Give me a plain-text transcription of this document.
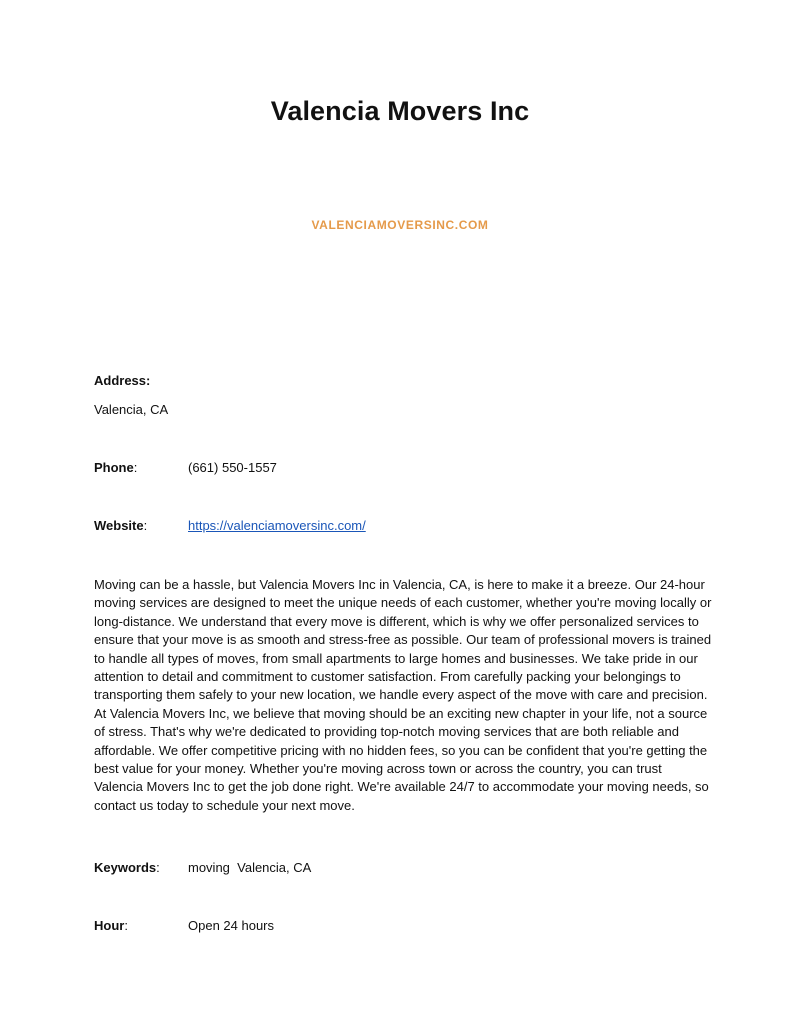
Valencia Movers Inc
VALENCIAMOVERSINC.COM
Address:
Valencia, CA
Phone:	(661) 550-1557
Website:	https://valenciamoversinc.com/
Moving can be a hassle, but Valencia Movers Inc in Valencia, CA, is here to make it a breeze. Our 24-hour moving services are designed to meet the unique needs of each customer, whether you're moving locally or long-distance. We understand that every move is different, which is why we offer personalized services to ensure that your move is as smooth and stress-free as possible. Our team of professional movers is trained to handle all types of moves, from small apartments to large homes and businesses. We take pride in our attention to detail and commitment to customer satisfaction. From carefully packing your belongings to transporting them safely to your new location, we handle every aspect of the move with care and precision. At Valencia Movers Inc, we believe that moving should be an exciting new chapter in your life, not a source of stress. That's why we're dedicated to providing top-notch moving services that are both reliable and affordable. We offer competitive pricing with no hidden fees, so you can be confident that you're getting the best value for your money. Whether you're moving across town or across the country, you can trust Valencia Movers Inc to get the job done right. We're available 24/7 to accommodate your moving needs, so contact us today to schedule your next move.
Keywords: moving  Valencia, CA
Hour:	Open 24 hours
